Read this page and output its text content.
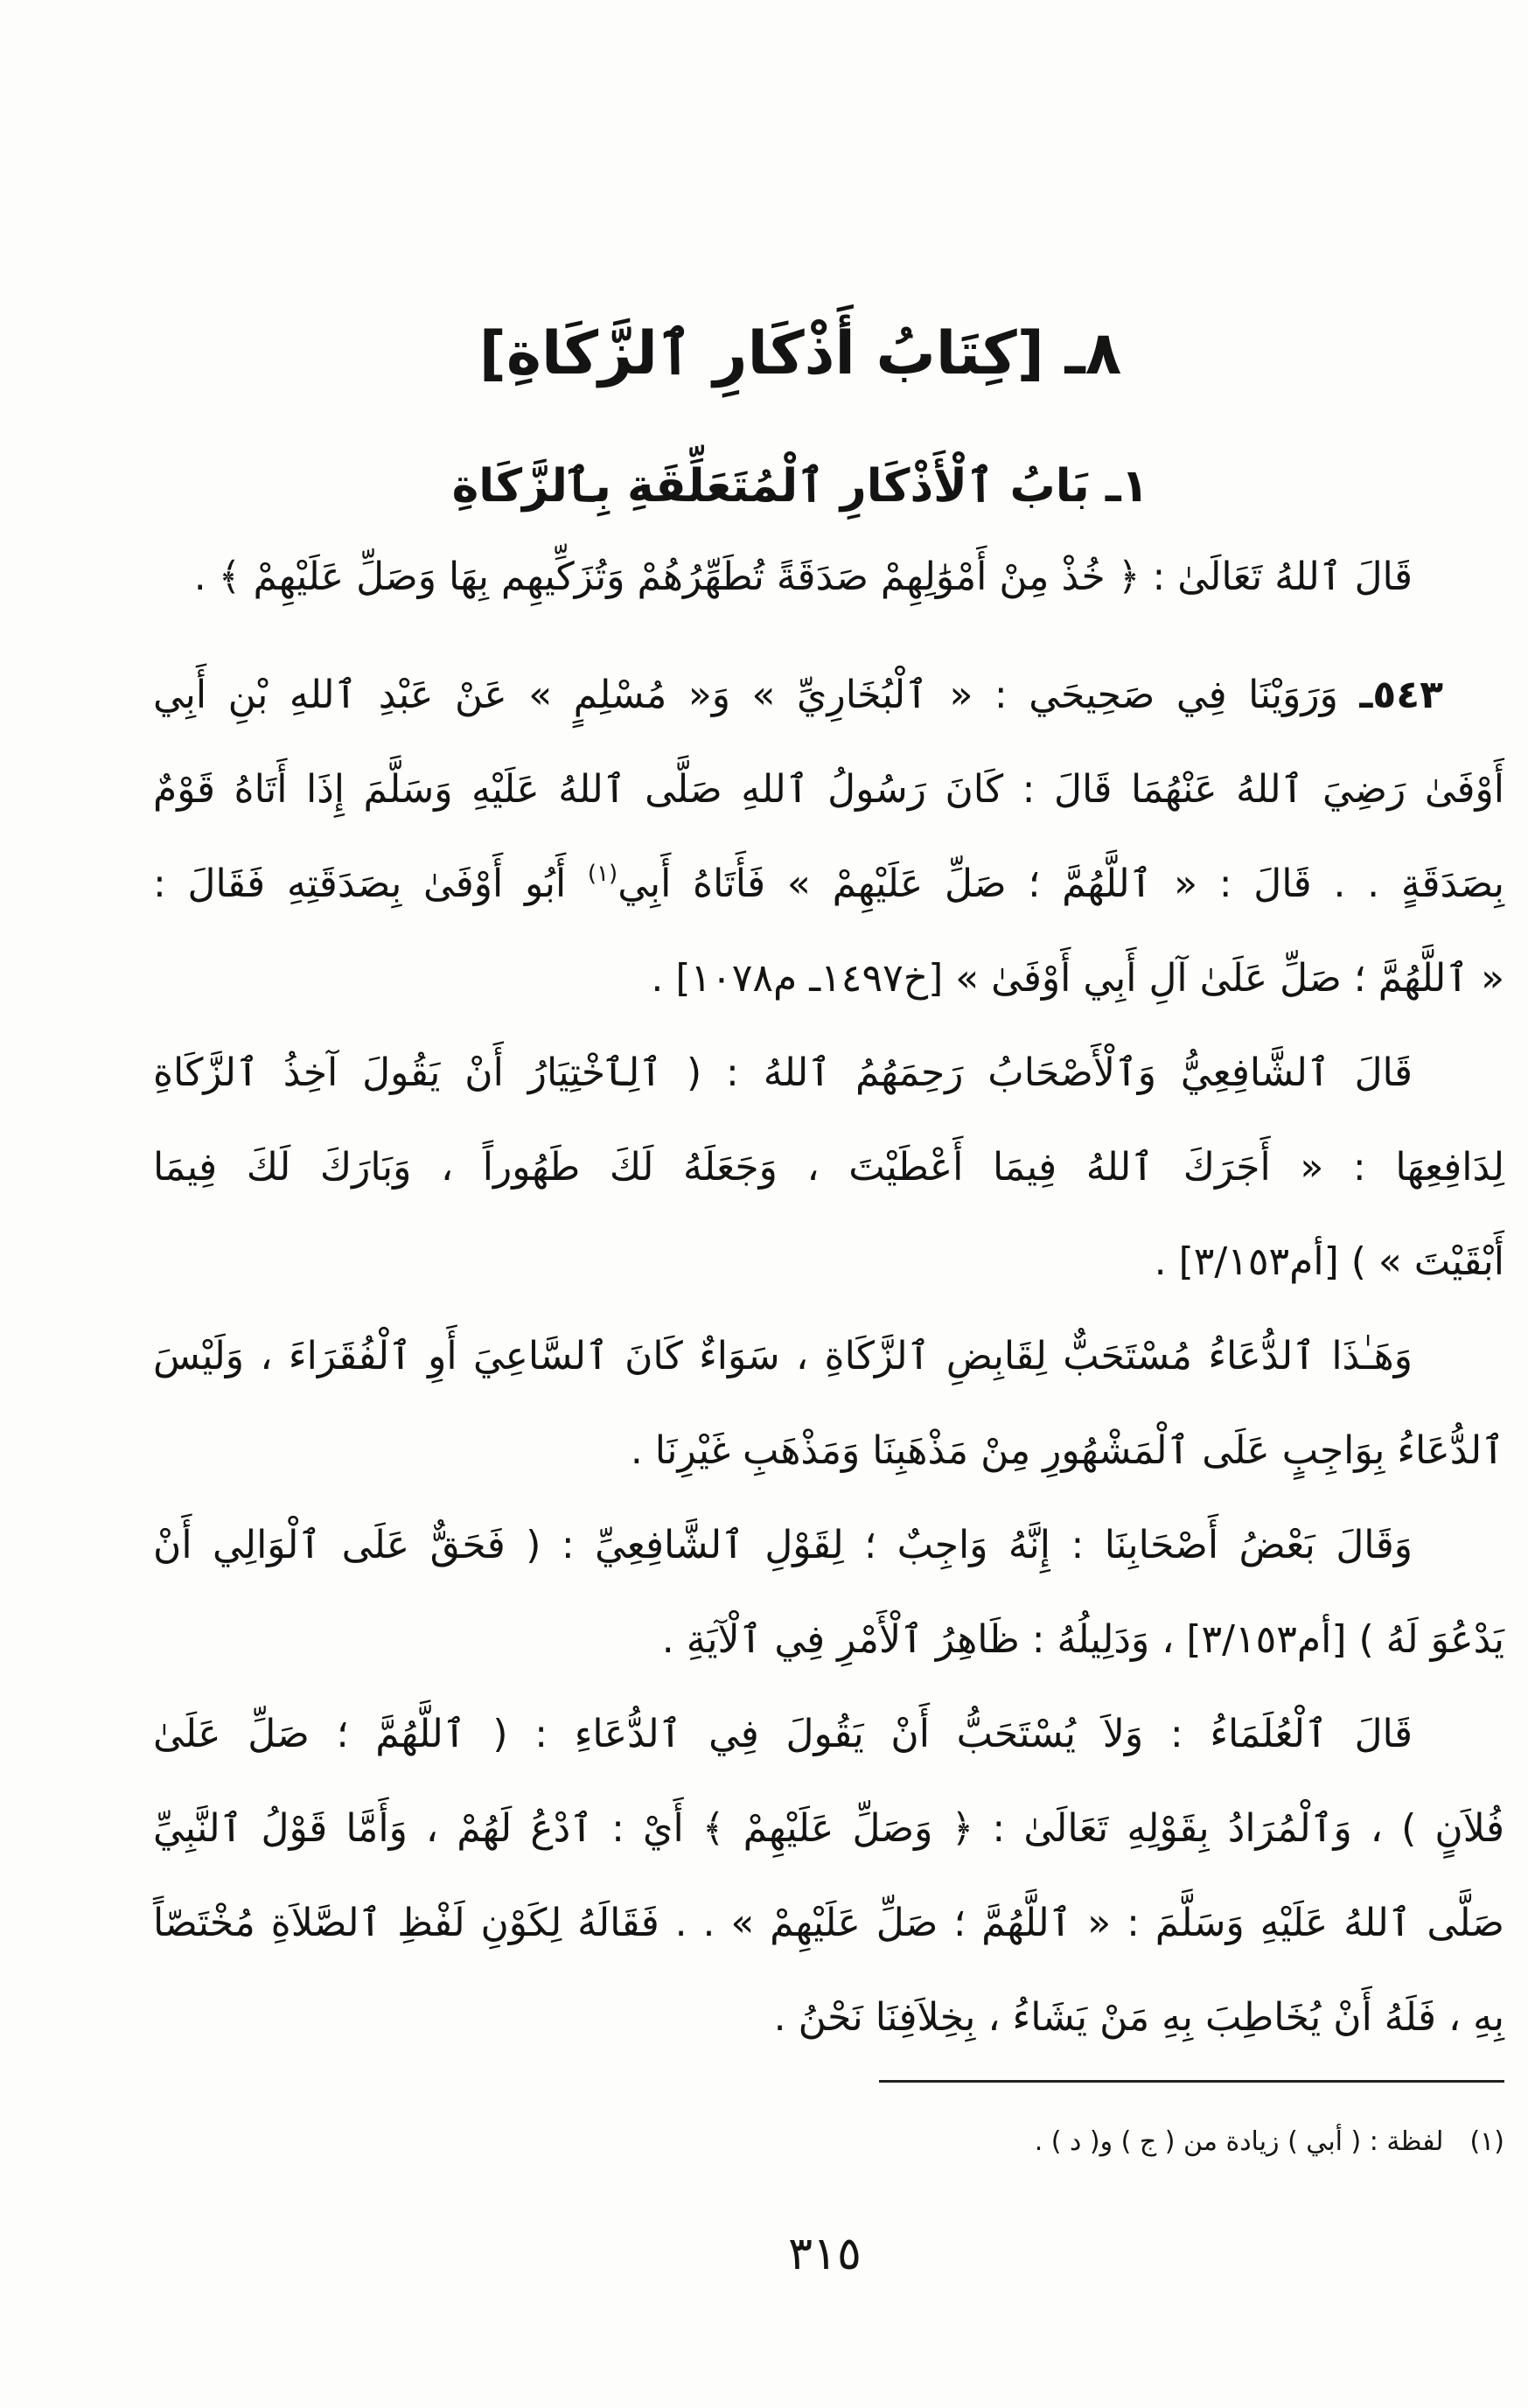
٨ـ [كِتَابُ أَذْكَارِ ٱلزَّكَاةِ]
١ـ بَابُ ٱلْأَذْكَارِ ٱلْمُتَعَلِّقَةِ بِٱلزَّكَاةِ
قَالَ ٱللهُ تَعَالَىٰ : ﴿ خُذْ مِنْ أَمْوَٰلِهِمْ صَدَقَةً تُطَهِّرُهُمْ وَتُزَكِّيهِم بِهَا وَصَلِّ عَلَيْهِمْ ﴾ .
٥٤٣ـ وَرَوَيْنَا فِي صَحِيحَي : « ٱلْبُخَارِيِّ » وَ« مُسْلِمٍ » عَنْ عَبْدِ ٱللهِ بْنِ أَبِي
أَوْفَىٰ رَضِيَ ٱللهُ عَنْهُمَا قَالَ : كَانَ رَسُولُ ٱللهِ صَلَّى ٱللهُ عَلَيْهِ وَسَلَّمَ إِذَا أَتَاهُ قَوْمٌ
بِصَدَقَةٍ . . قَالَ : « ٱللَّهُمَّ ؛ صَلِّ عَلَيْهِمْ » فَأَتَاهُ أَبِي$^{(١)}$ أَبُو أَوْفَىٰ بِصَدَقَتِهِ فَقَالَ :
« ٱللَّهُمَّ ؛ صَلِّ عَلَىٰ آلِ أَبِي أَوْفَىٰ » [خ١٤٩٧ـ م١٠٧٨] .
قَالَ ٱلشَّافِعِيُّ وَٱلْأَصْحَابُ رَحِمَهُمُ ٱللهُ : ( ٱلِٱخْتِيَارُ أَنْ يَقُولَ آخِذُ ٱلزَّكَاةِ
لِدَافِعِهَا : « أَجَرَكَ ٱللهُ فِيمَا أَعْطَيْتَ ، وَجَعَلَهُ لَكَ طَهُوراً ، وَبَارَكَ لَكَ فِيمَا
أَبْقَيْتَ » ) [أم٣/١٥٣] .
وَهَـٰذَا ٱلدُّعَاءُ مُسْتَحَبٌّ لِقَابِضِ ٱلزَّكَاةِ ، سَوَاءٌ كَانَ ٱلسَّاعِيَ أَوِ ٱلْفُقَرَاءَ ، وَلَيْسَ
ٱلدُّعَاءُ بِوَاجِبٍ عَلَى ٱلْمَشْهُورِ مِنْ مَذْهَبِنَا وَمَذْهَبِ غَيْرِنَا .
وَقَالَ بَعْضُ أَصْحَابِنَا : إِنَّهُ وَاجِبٌ ؛ لِقَوْلِ ٱلشَّافِعِيِّ : ( فَحَقٌّ عَلَى ٱلْوَالِي أَنْ
يَدْعُوَ لَهُ ) [أم٣/١٥٣] ، وَدَلِيلُهُ : ظَاهِرُ ٱلْأَمْرِ فِي ٱلْآيَةِ .
قَالَ ٱلْعُلَمَاءُ : وَلاَ يُسْتَحَبُّ أَنْ يَقُولَ فِي ٱلدُّعَاءِ : ( ٱللَّهُمَّ ؛ صَلِّ عَلَىٰ
فُلاَنٍ ) ، وَٱلْمُرَادُ بِقَوْلِهِ تَعَالَىٰ : ﴿ وَصَلِّ عَلَيْهِمْ ﴾ أَيْ : ٱدْعُ لَهُمْ ، وَأَمَّا قَوْلُ ٱلنَّبِيِّ
صَلَّى ٱللهُ عَلَيْهِ وَسَلَّمَ : « ٱللَّهُمَّ ؛ صَلِّ عَلَيْهِمْ » . . فَقَالَهُ لِكَوْنِ لَفْظِ ٱلصَّلاَةِ مُخْتَصّاً
بِهِ ، فَلَهُ أَنْ يُخَاطِبَ بِهِ مَنْ يَشَاءُ ، بِخِلاَفِنَا نَحْنُ .
(١)لفظة : ( أبي ) زيادة من ( ج ) و( د ) .
٣١٥
